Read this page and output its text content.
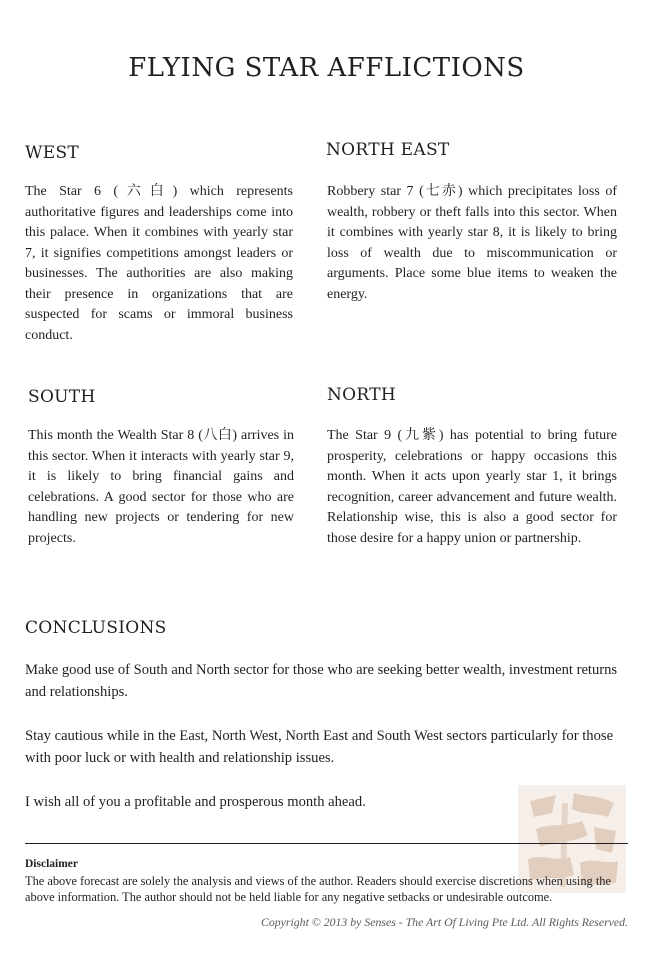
FLYING STAR AFFLICTIONS
WEST

The Star 6 (六白) which represents authoritative figures and leaderships come into this palace. When it combines with yearly star 7, it signifies competitions amongst leaders or businesses. The authorities are also making their presence in organizations that are suspected for scams or immoral business conduct.

NORTH EAST

Robbery star 7 (七赤) which precipitates loss of wealth, robbery or theft falls into this sector. When it combines with yearly star 8, it is likely to bring loss of wealth due to miscommunication or arguments. Place some blue items to weaken the energy.

SOUTH

This month the Wealth Star 8 (八白) arrives in this sector. When it interacts with yearly star 9, it is likely to bring financial gains and celebrations. A good sector for those who are handling new projects or tendering for new projects.

NORTH

The Star 9 (九紫) has potential to bring future prosperity, celebrations or happy occasions this month. When it acts upon yearly star 1, it brings recognition, career advancement and future wealth. Relationship wise, this is also a good sector for those desire for a happy union or partnership.

CONCLUSIONS

Make good use of South and North sector for those who are seeking better wealth, investment returns and relationships.

Stay cautious while in the East, North West, North East and South West sectors particularly for those with poor luck or with health and relationship issues.

I wish all of you a profitable and prosperous month ahead.

Disclaimer

The above forecast are solely the analysis and views of the author. Readers should exercise discretions when using the above information. The author should not be held liable for any negative setbacks or undesirable outcome.

Copyright © 2013 by Senses - The Art Of Living Pte Ltd. All Rights Reserved.
